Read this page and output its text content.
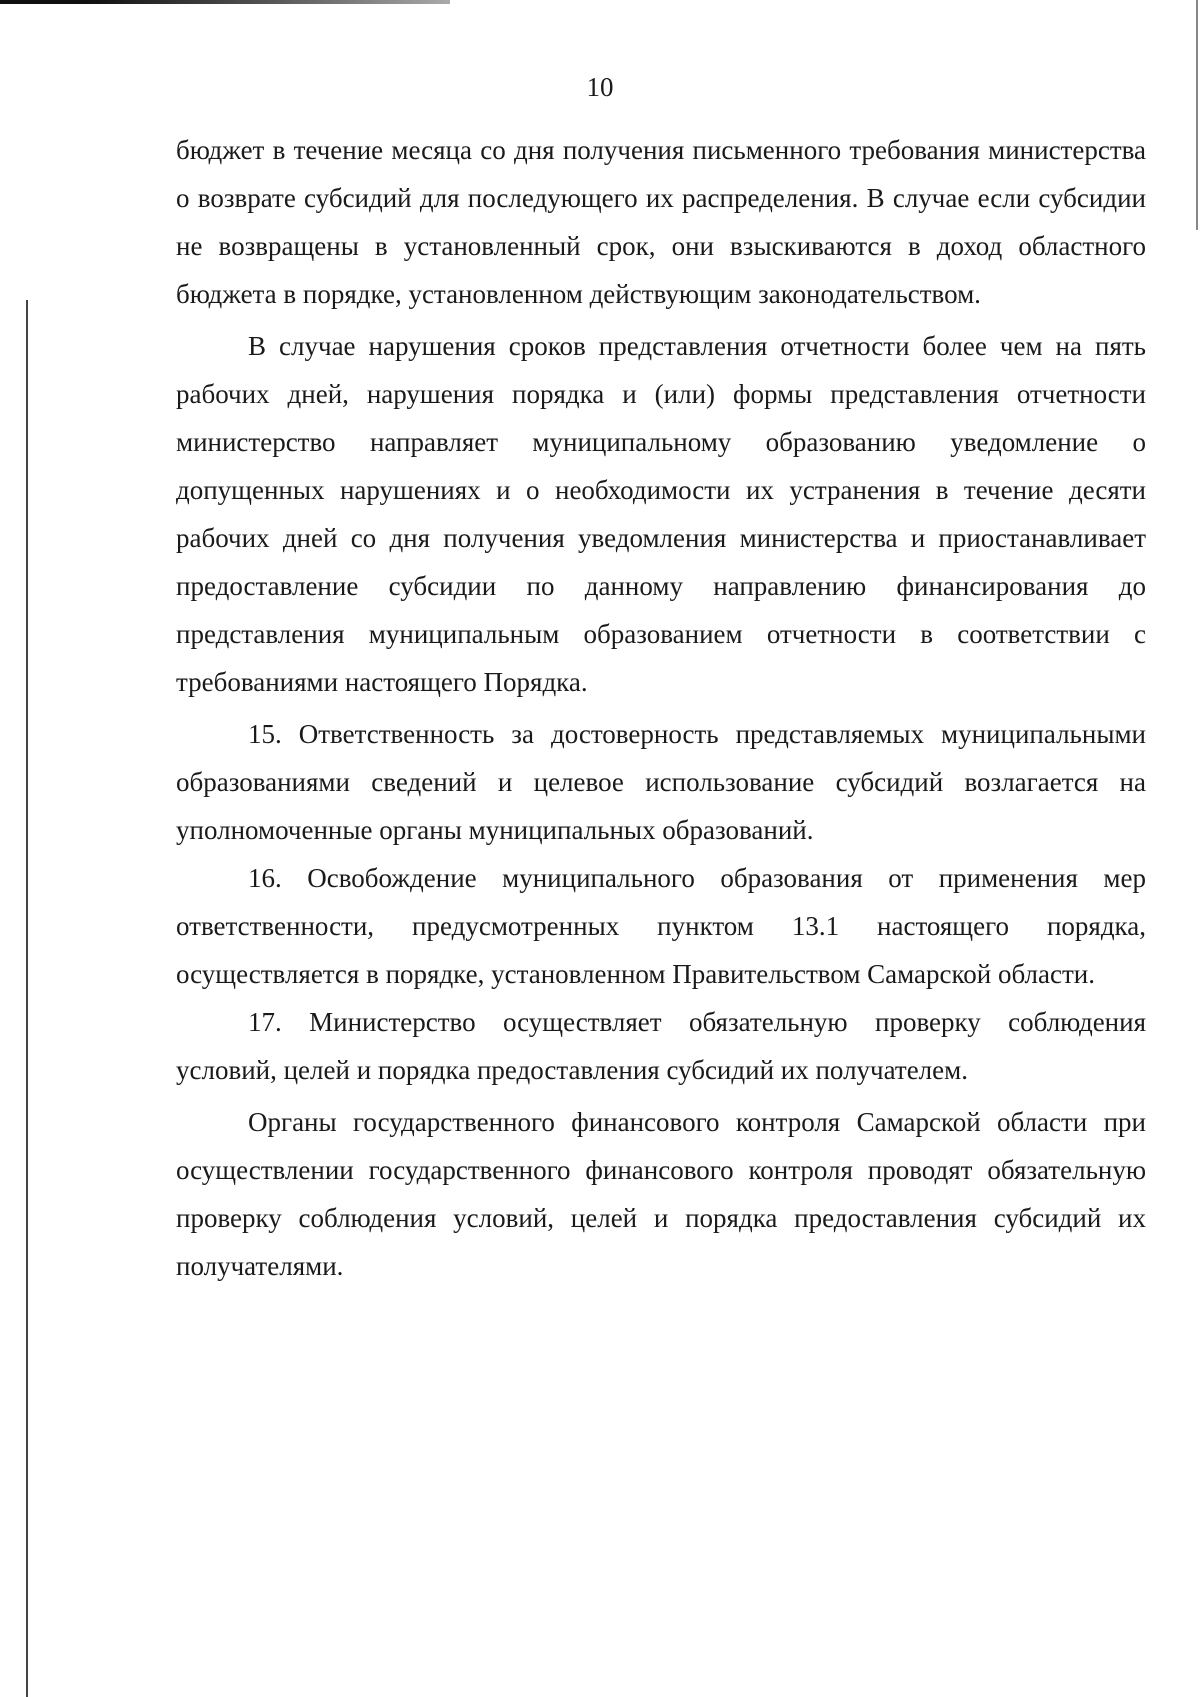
10

бюджет в течение месяца со дня получения письменного требования министерства о возврате субсидий для последующего их распределения. В случае если субсидии не возвращены в установленный срок, они взыскиваются в доход областного бюджета в порядке, установленном действующим законодательством.

В случае нарушения сроков представления отчетности более чем на пять рабочих дней, нарушения порядка и (или) формы представления отчетности министерство направляет муниципальному образованию уведомление о допущенных нарушениях и о необходимости их устранения в течение десяти рабочих дней со дня получения уведомления министерства и приостанавливает предоставление субсидии по данному направлению финансирования до представления муниципальным образованием отчетности в соответствии с требованиями настоящего Порядка.

15. Ответственность за достоверность представляемых муниципальными образованиями сведений и целевое использование субсидий возлагается на уполномоченные органы муниципальных образований.

16. Освобождение муниципального образования от применения мер ответственности, предусмотренных пунктом 13.1 настоящего порядка, осуществляется в порядке, установленном Правительством Самарской области.

17. Министерство осуществляет обязательную проверку соблюдения условий, целей и порядка предоставления субсидий их получателем.

Органы государственного финансового контроля Самарской области при осуществлении государственного финансового контроля проводят обязательную проверку соблюдения условий, целей и порядка предоставления субсидий их получателями.
